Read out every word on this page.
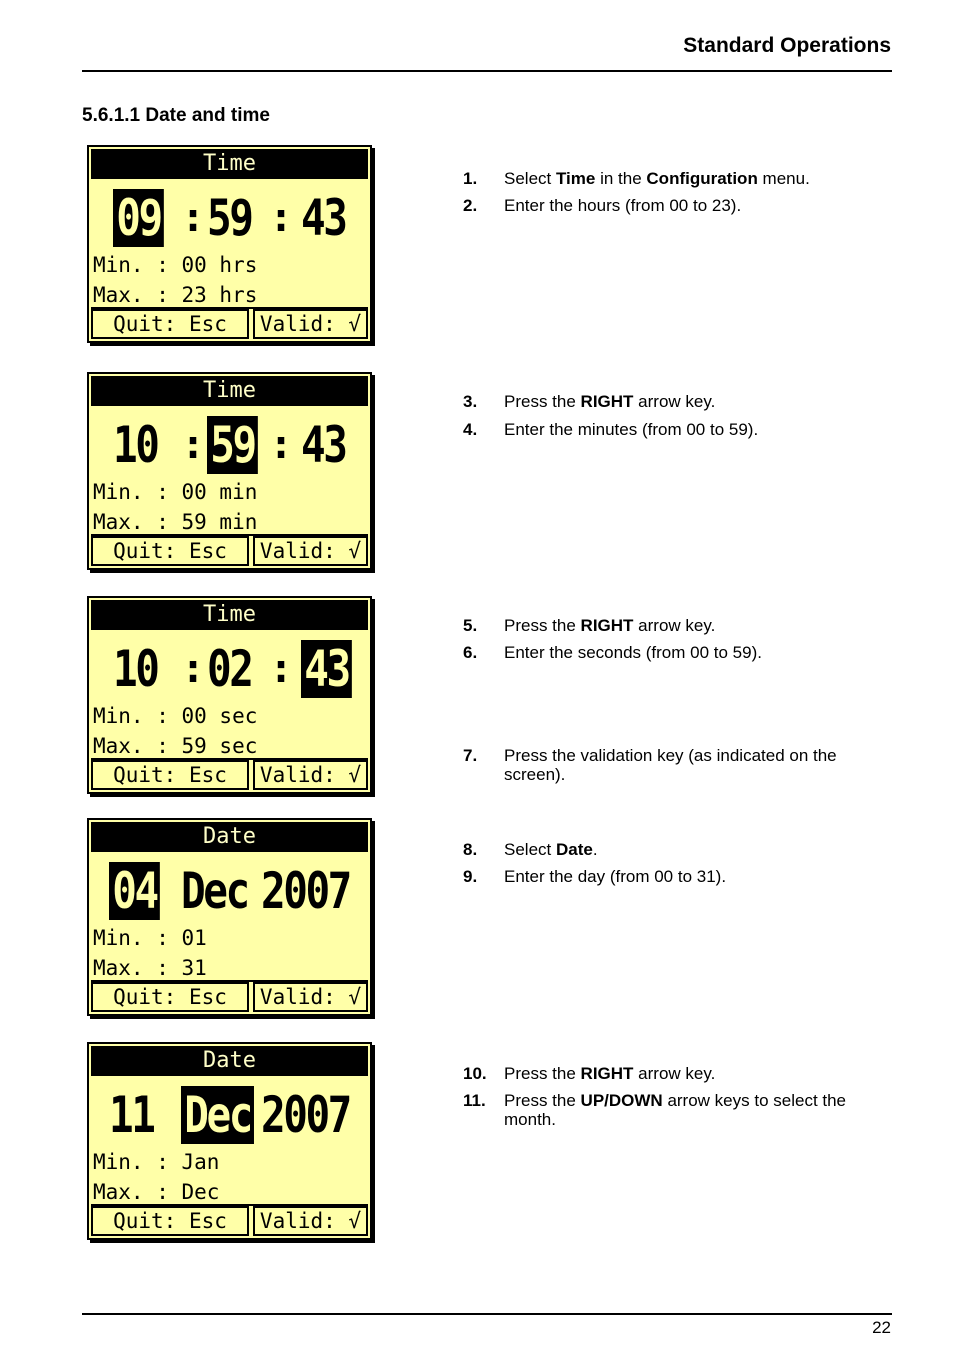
Standard Operations
5.6.1.1 Date and time
Time
09 : 59 : 43
Min. : 00 hrs
Max. : 23 hrs
Quit: Esc	Valid: √
Time
10 : 59 : 43
Min. : 00 min
Max. : 59 min
Quit: Esc	Valid: √
Time
10 : 02 : 43
Min. : 00 sec
Max. : 59 sec
Quit: Esc	Valid: √
Date
04 Dec 2007
Min. : 01
Max. : 31
Quit: Esc	Valid: √
Date
11 Dec 2007
Min. : Jan
Max. : Dec
Quit: Esc	Valid: √
1. Select Time in the Configuration menu.
2. Enter the hours (from 00 to 23).
3. Press the RIGHT arrow key.
4. Enter the minutes (from 00 to 59).
5. Press the RIGHT arrow key.
6. Enter the seconds (from 00 to 59).
7. Press the validation key (as indicated on the screen).
8. Select Date.
9. Enter the day (from 00 to 31).
10. Press the RIGHT arrow key.
11. Press the UP/DOWN arrow keys to select the month.
22
